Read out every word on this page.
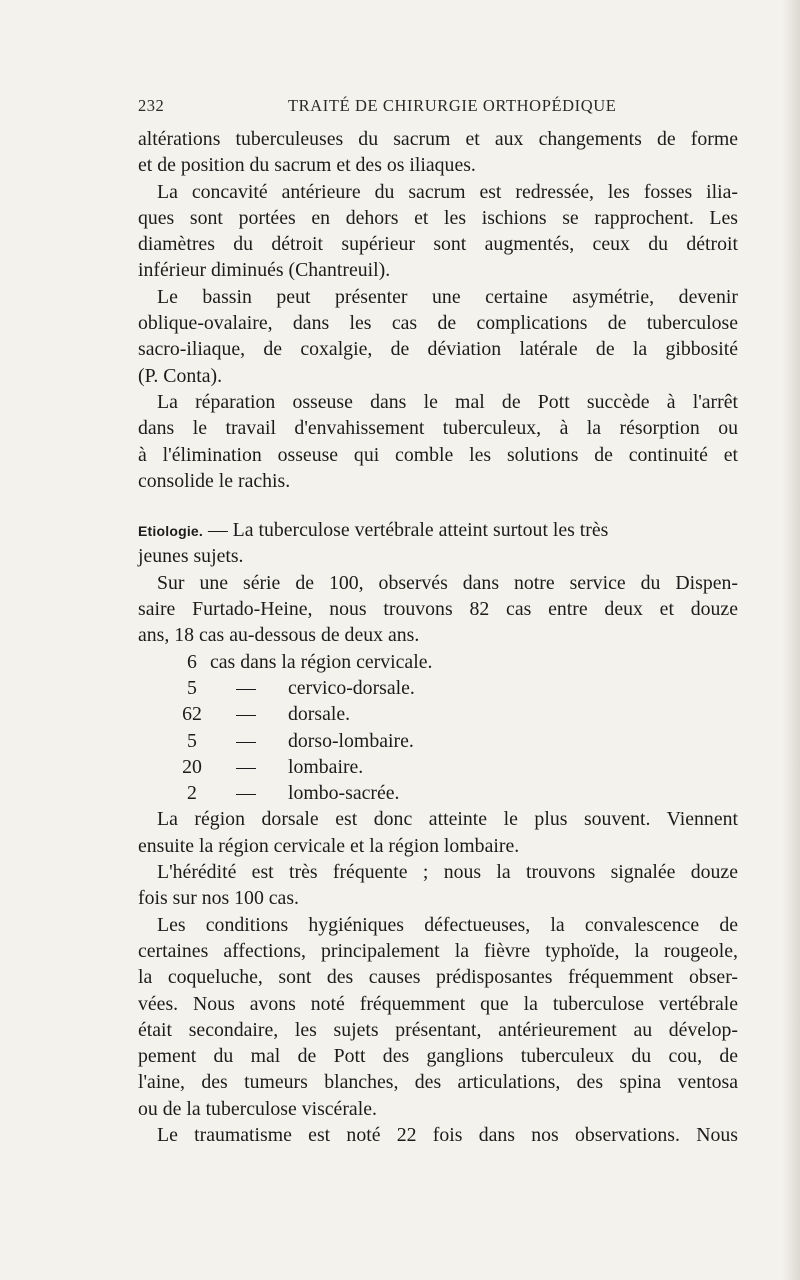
232	TRAITÉ DE CHIRURGIE ORTHOPÉDIQUE
altérations tuberculeuses du sacrum et aux changements de forme
et de position du sacrum et des os iliaques.
La concavité antérieure du sacrum est redressée, les fosses ilia-
ques sont portées en dehors et les ischions se rapprochent. Les
diamètres du détroit supérieur sont augmentés, ceux du détroit
inférieur diminués (Chantreuil).
Le bassin peut présenter une certaine asymétrie, devenir
oblique-ovalaire, dans les cas de complications de tuberculose
sacro-iliaque, de coxalgie, de déviation latérale de la gibbosité
(P. Conta).
La réparation osseuse dans le mal de Pott succède à l'arrêt
dans le travail d'envahissement tuberculeux, à la résorption ou
à l'élimination osseuse qui comble les solutions de continuité et
consolide le rachis.
Etiologie. — La tuberculose vertébrale atteint surtout les très
jeunes sujets.
Sur une série de 100, observés dans notre service du Dispen-
saire Furtado-Heine, nous trouvons 82 cas entre deux et douze
ans, 18 cas au-dessous de deux ans.
6 cas dans la région cervicale.
5	—	cervico-dorsale.
62	—	dorsale.
5	—	dorso-lombaire.
20	—	lombaire.
2	—	lombo-sacrée.
La région dorsale est donc atteinte le plus souvent. Viennent
ensuite la région cervicale et la région lombaire.
L'hérédité est très fréquente ; nous la trouvons signalée douze
fois sur nos 100 cas.
Les conditions hygiéniques défectueuses, la convalescence de
certaines affections, principalement la fièvre typhoïde, la rougeole,
la coqueluche, sont des causes prédisposantes fréquemment obser-
vées. Nous avons noté fréquemment que la tuberculose vertébrale
était secondaire, les sujets présentant, antérieurement au dévelop-
pement du mal de Pott des ganglions tuberculeux du cou, de
l'aine, des tumeurs blanches, des articulations, des spina ventosa
ou de la tuberculose viscérale.
Le traumatisme est noté 22 fois dans nos observations. Nous
